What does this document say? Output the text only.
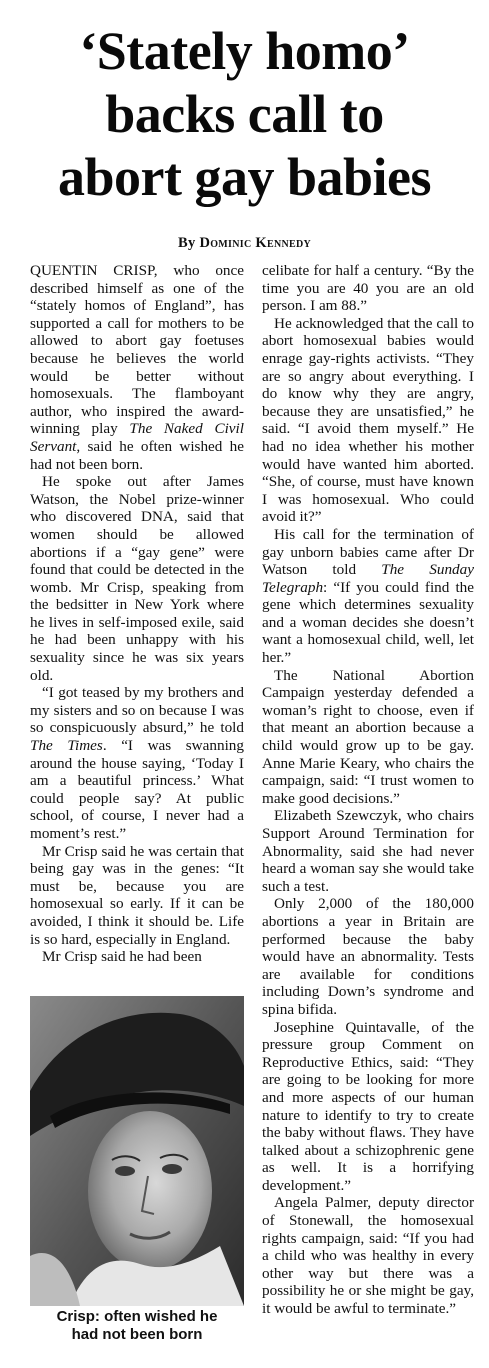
‘Stately homo’
backs call to
abort gay babies
By Dominic Kennedy

QUENTIN CRISP, who once described himself as one of the “stately homos of England”, has supported a call for mothers to be allowed to abort gay foetuses because he believes the world would be better without homosexuals. The flamboyant author, who inspired the award-winning play The Naked Civil Servant, said he often wished he had not been born.

He spoke out after James Watson, the Nobel prize-winner who discovered DNA, said that women should be allowed abortions if a “gay gene” were found that could be detected in the womb. Mr Crisp, speaking from the bedsitter in New York where he lives in self-imposed exile, said he had been unhappy with his sexuality since he was six years old.

“I got teased by my brothers and my sisters and so on because I was so conspicuously absurd,” he told The Times. “I was swanning around the house saying, ‘Today I am a beautiful princess.’ What could people say? At public school, of course, I never had a moment’s rest.”

Mr Crisp said he was certain that being gay was in the genes: “It must be, because you are homosexual so early. If it can be avoided, I think it should be. Life is so hard, especially in England.

Mr Crisp said he had been

celibate for half a century. “By the time you are 40 you are an old person. I am 88.”

He acknowledged that the call to abort homosexual babies would enrage gay-rights activists. “They are so angry about everything. I do know why they are angry, because they are unsatisfied,” he said. “I avoid them myself.” He had no idea whether his mother would have wanted him aborted. “She, of course, must have known I was homosexual. Who could avoid it?”

His call for the termination of gay unborn babies came after Dr Watson told The Sunday Telegraph: “If you could find the gene which determines sexuality and a woman decides she doesn’t want a homosexual child, well, let her.”

The National Abortion Campaign yesterday defended a woman’s right to choose, even if that meant an abortion because a child would grow up to be gay. Anne Marie Keary, who chairs the campaign, said: “I trust women to make good decisions.”

Elizabeth Szewczyk, who chairs Support Around Termination for Abnormality, said she had never heard a woman say she would take such a test.

Only 2,000 of the 180,000 abortions a year in Britain are performed because the baby would have an abnormality. Tests are available for conditions including Down’s syndrome and spina bifida.

Josephine Quintavalle, of the pressure group Comment on Reproductive Ethics, said: “They are going to be looking for more and more aspects of our human nature to identify to try to create the baby without flaws. They have talked about a schizophrenic gene as well. It is a horrifying development.”

Angela Palmer, deputy director of Stonewall, the homosexual rights campaign, said: “If you had a child who was healthy in every other way but there was a possibility he or she might be gay, it would be awful to terminate.”

Crisp: often wished he
had not been born
